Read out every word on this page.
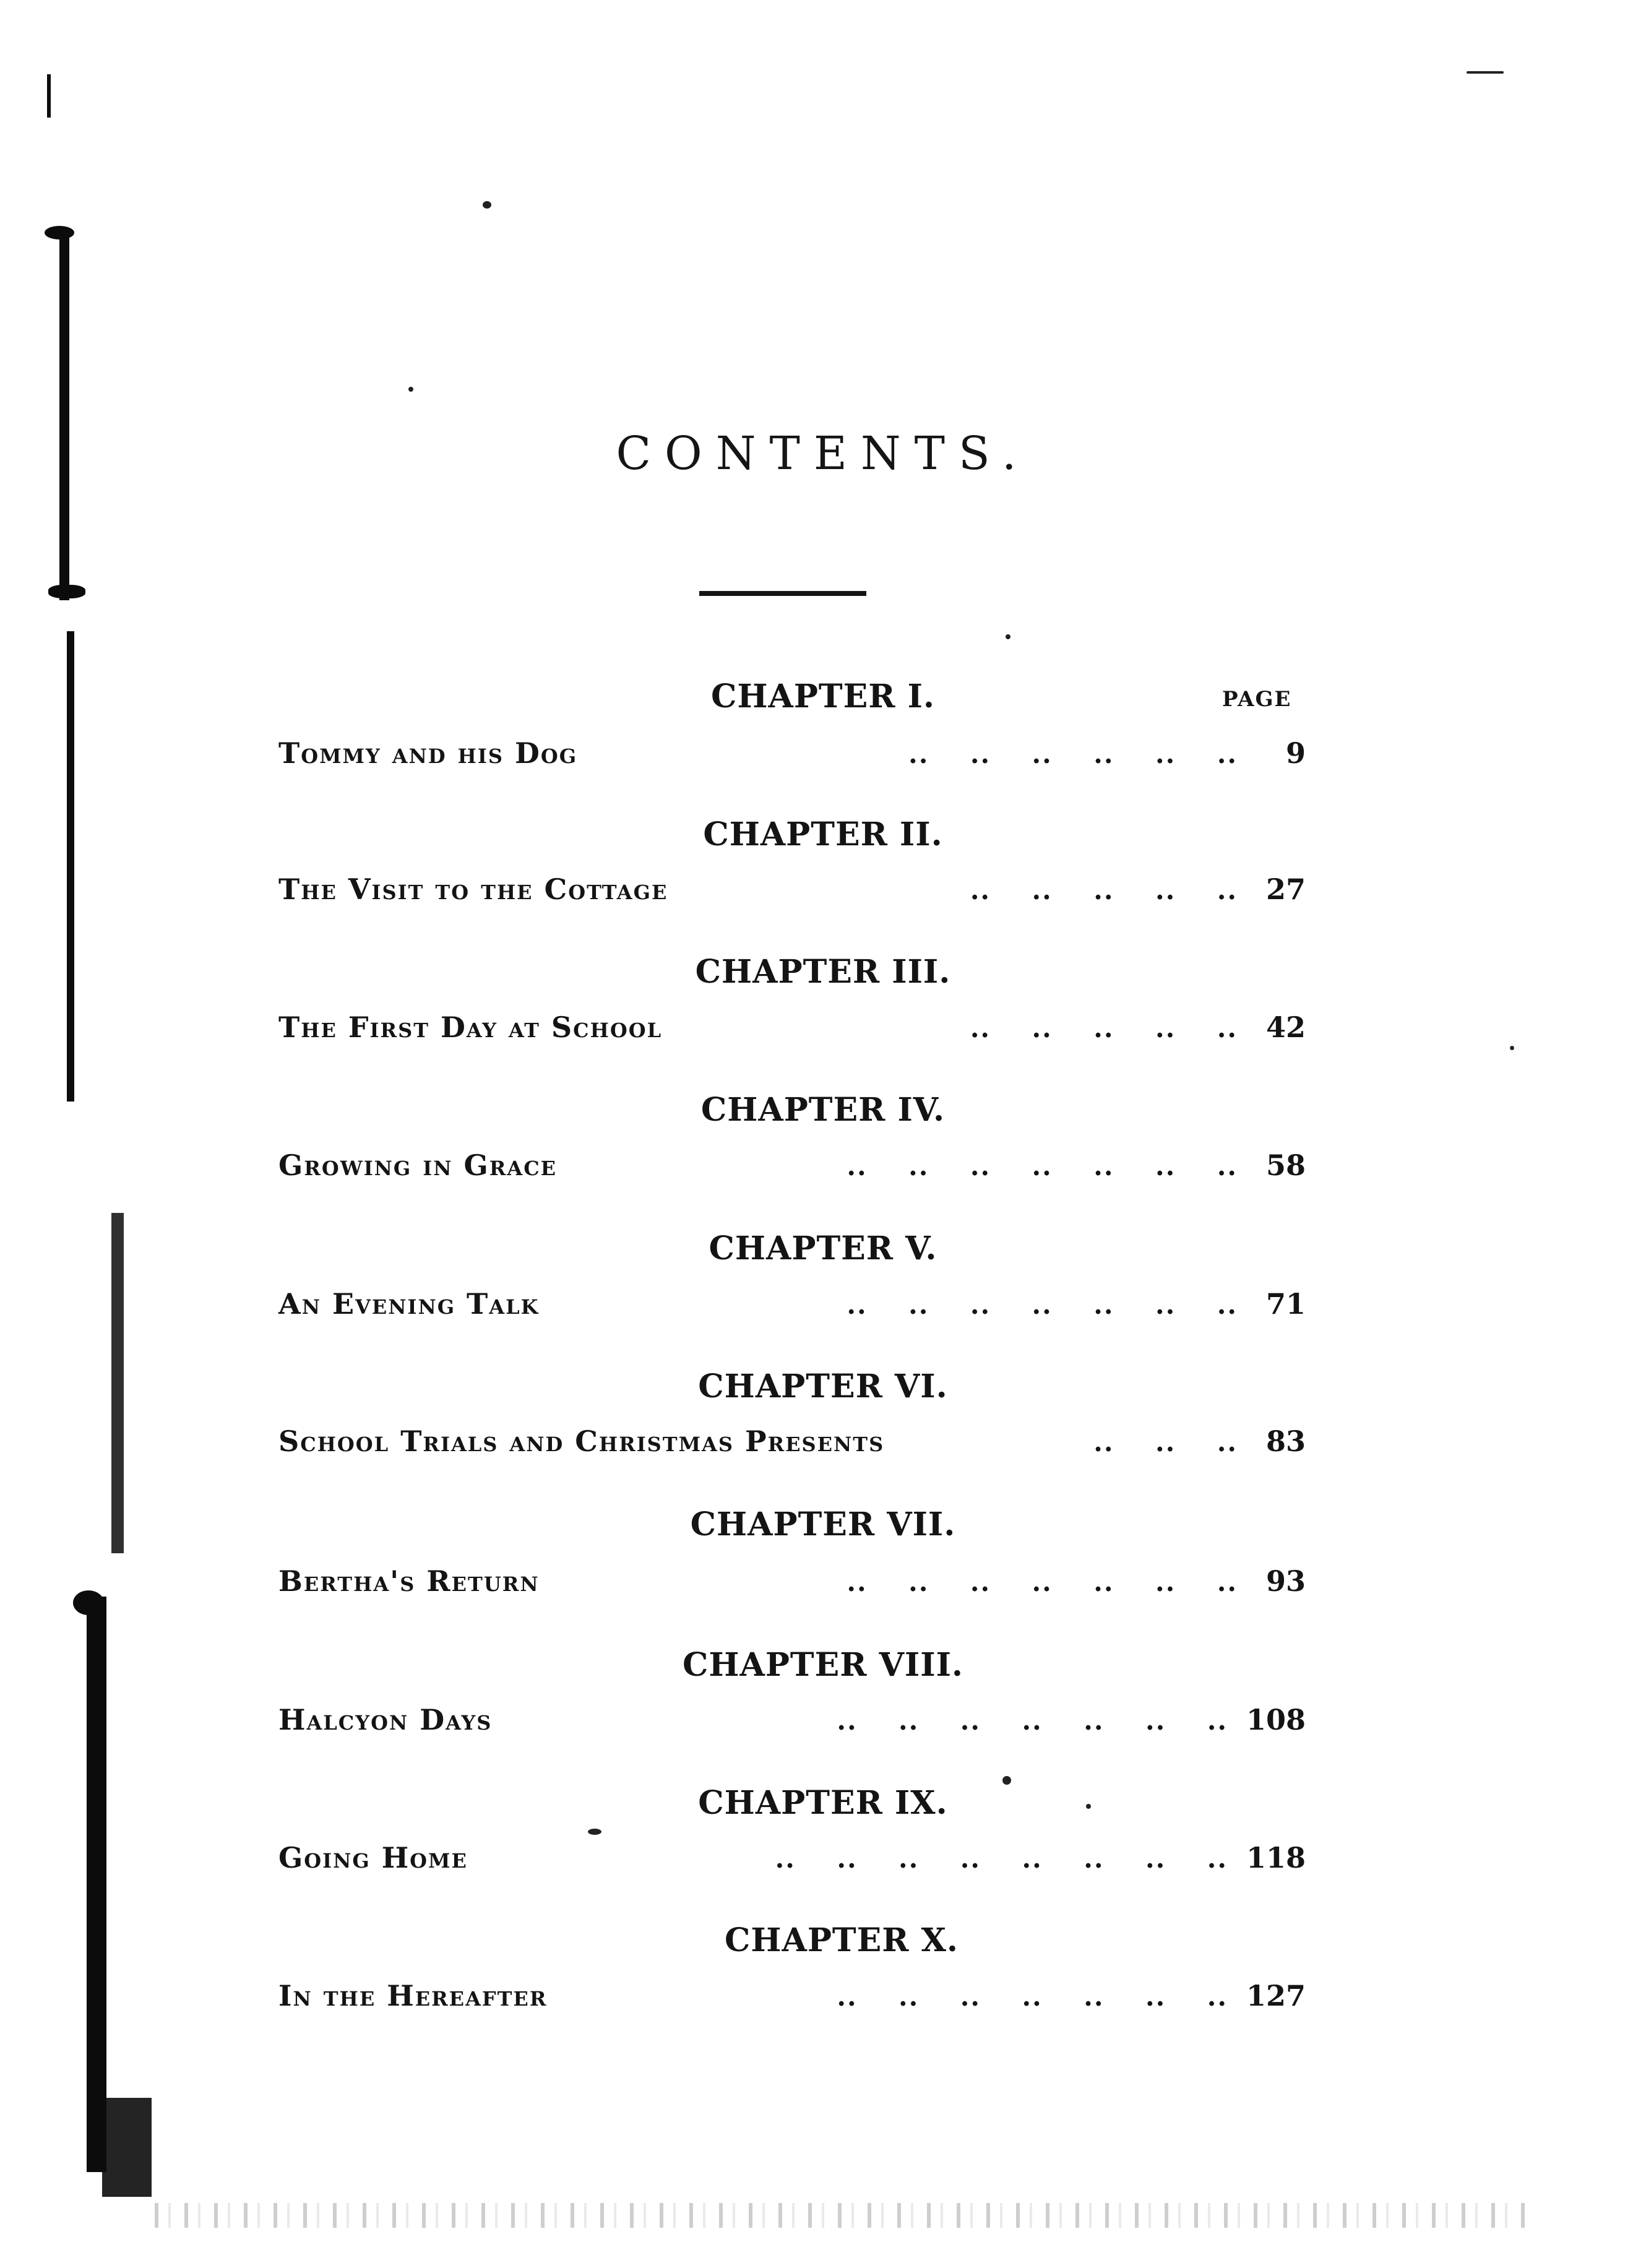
CONTENTS.
PAGE
CHAPTER I.
Tommy and his Dog	..    ..    ..    ..    ..    ..	9
CHAPTER II.
The Visit to the Cottage	..    ..    ..    ..    .. 27
CHAPTER III.
The First Day at School	..    ..    ..    ..    .. 42
CHAPTER IV.
Growing in Grace	..    ..    ..    ..    ..    ..    .. 58
CHAPTER V.
An Evening Talk	..    ..    ..    ..    ..    ..    .. 71
CHAPTER VI.
School Trials and Christmas Presents	..    ..    .. 83
CHAPTER VII.
Bertha's Return	..    ..    ..    ..    ..    ..    .. 93
CHAPTER VIII.
Halcyon Days	..    ..    ..    ..    ..    ..    .. 108
CHAPTER IX.
Going Home	..    ..    ..    ..    ..    ..    ..    .. 118
CHAPTER X.
In the Hereafter	..    ..    ..    ..    ..    ..    .. 127
